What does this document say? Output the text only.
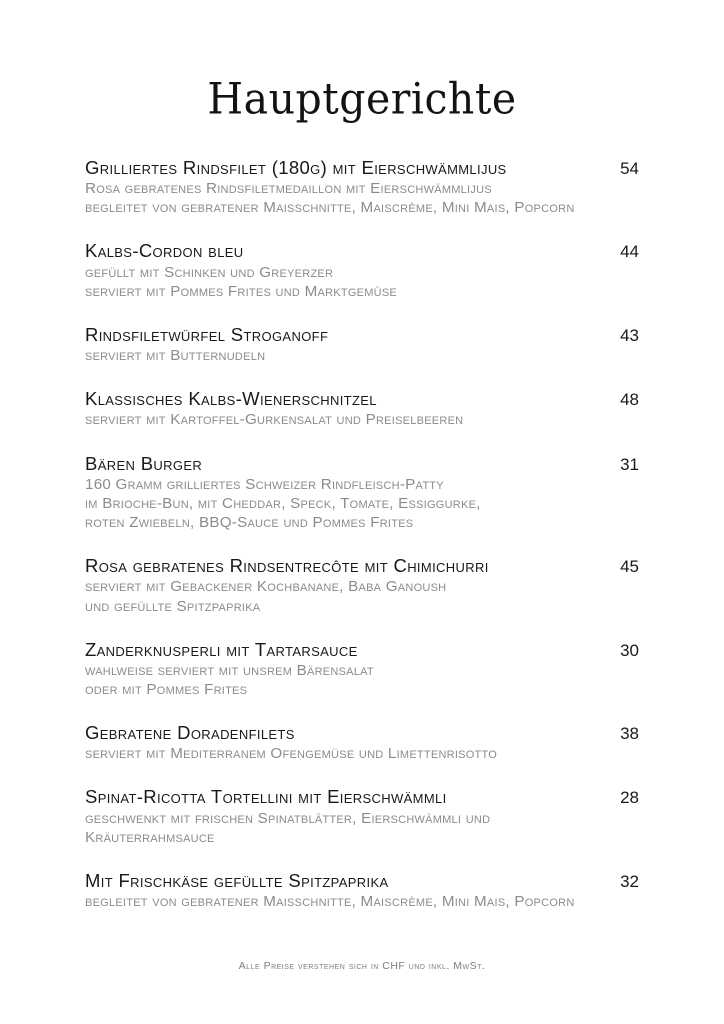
Hauptgerichte
Grilliertes Rindsfilet (180g) mit Eierschwämmlijus	54
Rosa gebratenes Rindsfiletmedaillon mit Eierschwämmlijus
begleitet von gebratener Maisschnitte, Maiscrème, Mini Mais, Popcorn
Kalbs-Cordon bleu	44
gefüllt mit Schinken und Greyerzer
serviert mit Pommes Frites und Marktgemüse
Rindsfiletwürfel Stroganoff	43
serviert mit Butternudeln
Klassisches Kalbs-Wienerschnitzel	48
serviert mit Kartoffel-Gurkensalat und Preiselbeeren
Bären Burger	31
160 Gramm grilliertes Schweizer Rindfleisch-Patty
im Brioche-Bun, mit Cheddar, Speck, Tomate, Essiggurke,
roten Zwiebeln, BBQ-Sauce und Pommes Frites
Rosa gebratenes Rindsentrecôte mit Chimichurri	45
serviert mit Gebackener Kochbanane, Baba Ganoush
und gefüllte Spitzpaprika
Zanderknusperli mit Tartarsauce	30
wahlweise serviert mit unsrem Bärensalat
oder mit Pommes Frites
Gebratene Doradenfilets	38
serviert mit Mediterranem Ofengemüse und Limettenrisotto
Spinat-Ricotta Tortellini mit Eierschwämmli	28
geschwenkt mit frischen Spinatblätter, Eierschwämmli und
Kräuterrahmsauce
Mit Frischkäse gefüllte Spitzpaprika	32
begleitet von gebratener Maisschnitte, Maiscrème, Mini Mais, Popcorn
Alle Preise verstehen sich in CHF und inkl. MwSt.
